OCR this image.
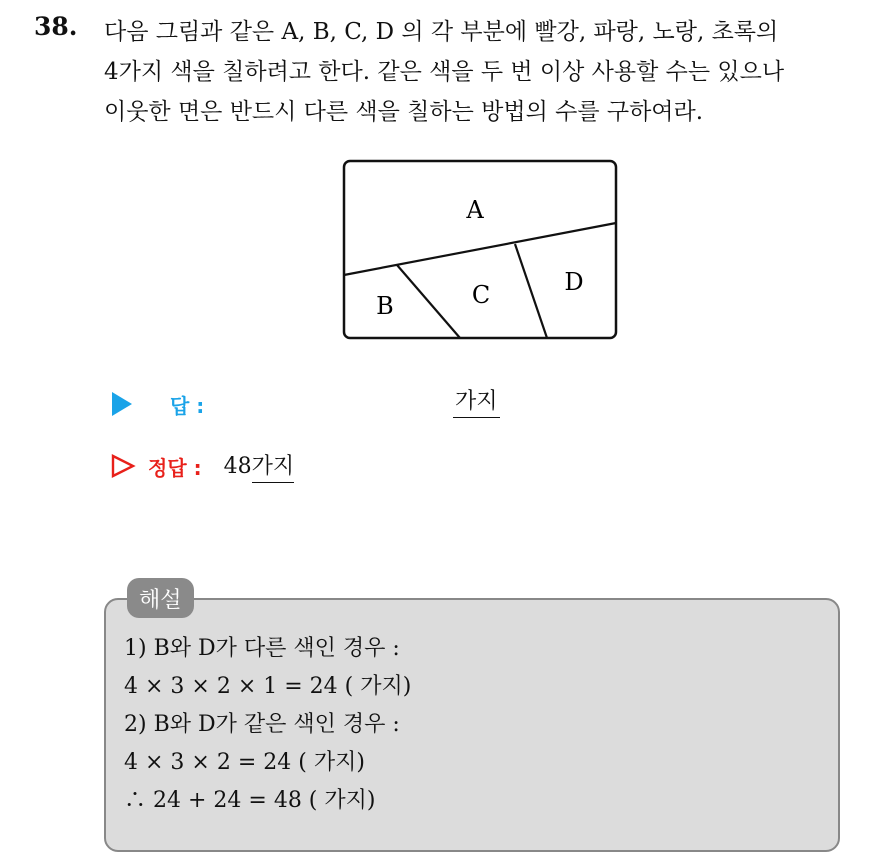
38. 다음 그림과 같은 A, B, C, D 의 각 부분에 빨강, 파랑, 노랑, 초록의
4가지 색을 칠하려고 한다. 같은 색을 두 번 이상 사용할 수는 있으나
이웃한 면은 반드시 다른 색을 칠하는 방법의 수를 구하여라.
A
B	C	D
답 :	가지
정답 : 48 가지
해설
1) B와 D가 다른 색인 경우 :
4 × 3 × 2 × 1 = 24 ( 가지)
2) B와 D가 같은 색인 경우 :
4 × 3 × 2 = 24 ( 가지)
∴ 24 + 24 = 48 ( 가지)
